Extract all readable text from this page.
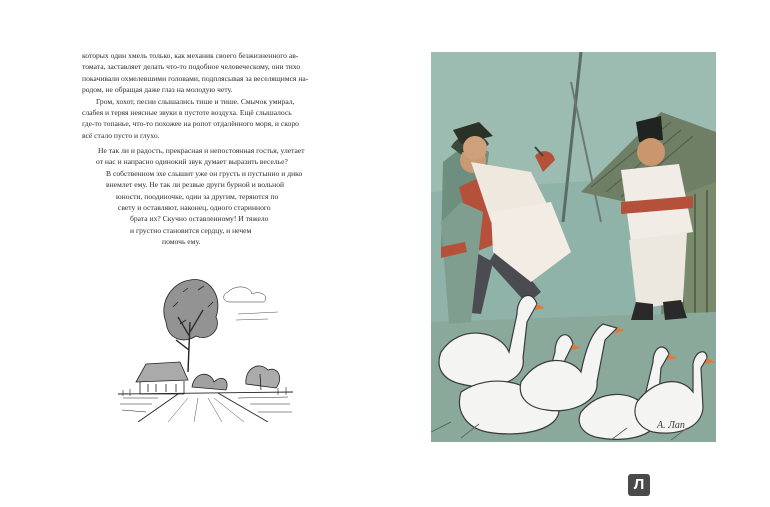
которых один хмель только, как механик своего безжизненного ав-

томата, заставляет делать что-то подобное человеческому, они тихо

покачивали охмелевшими головами, подплясывая за веселящимся на-

родом, не обращая даже глаз на молодую чету.

Гром, хохот, песни слышались тише и тише. Смычок умирал,

слабея и теряя неясные звуки в пустоте воздуха. Ещё слышалось

где-то топанье, что-то похожее на ропот отдалённого моря, и скоро

всё стало пусто и глухо.

Не так ли и радость, прекрасная и непостоянная гостья, улетает
от нас и напрасно одинокий звук думает выразить веселье?
В собственном эхе слышит уже он грусть и пустынно и дико
внемлет ему. Не так ли резвые други бурной и вольной
юности, поодиночке, один за другим, теряются по
свету и оставляют, наконец, одного старинного
брата их? Скучно оставленному! И тяжело
и грустно становится сердцу, и нечем
помочь ему.
А. Лап
Л
